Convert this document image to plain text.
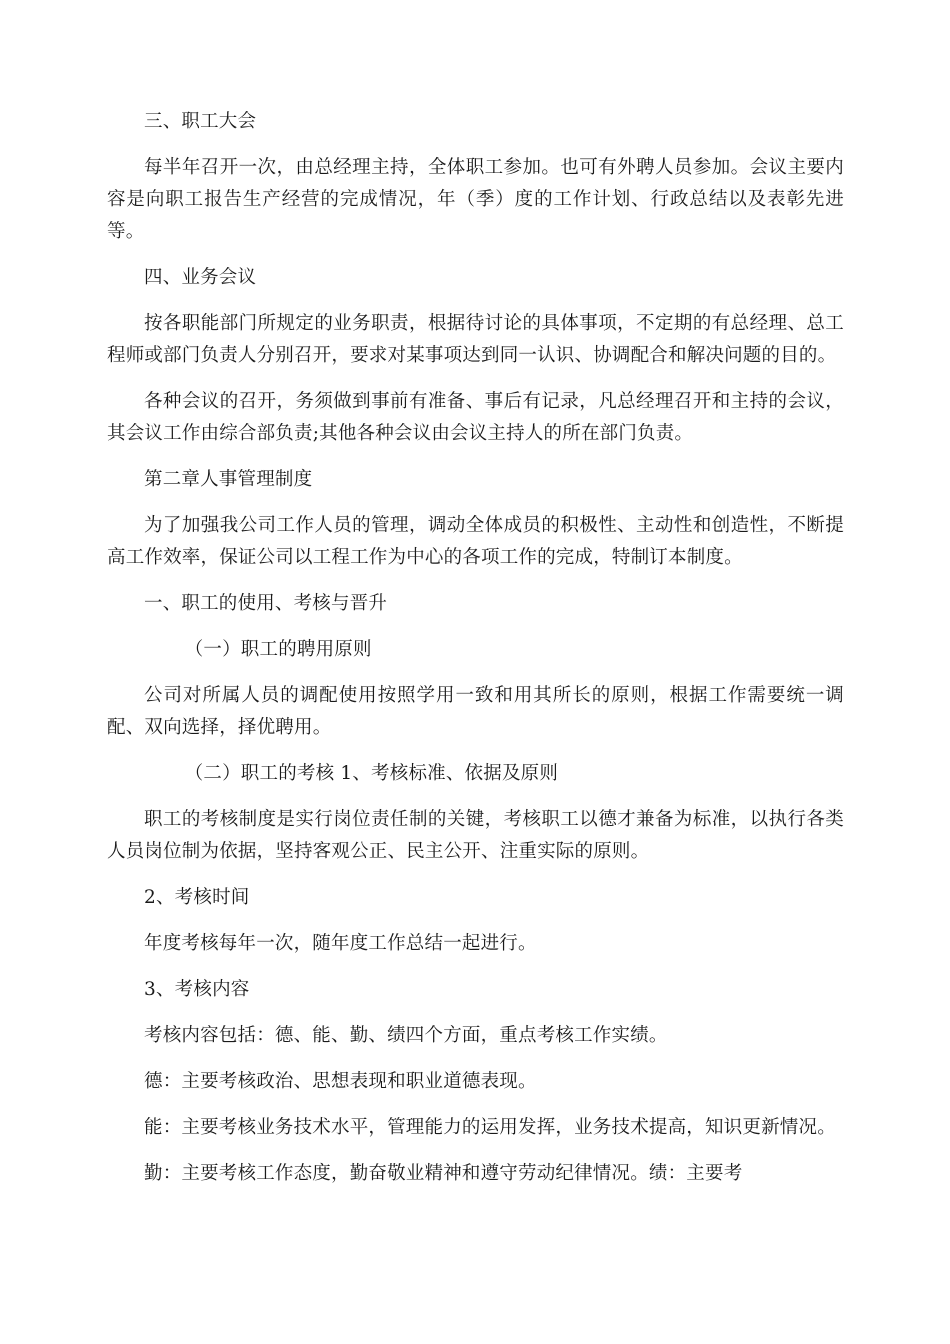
三、职工大会

每半年召开一次，由总经理主持，全体职工参加。也可有外聘人员参加。会议主要内容是向职工报告生产经营的完成情况，年（季）度的工作计划、行政总结以及表彰先进等。

四、业务会议

按各职能部门所规定的业务职责，根据待讨论的具体事项，不定期的有总经理、总工程师或部门负责人分别召开，要求对某事项达到同一认识、协调配合和解决问题的目的。

各种会议的召开，务须做到事前有准备、事后有记录，凡总经理召开和主持的会议，其会议工作由综合部负责;其他各种会议由会议主持人的所在部门负责。

第二章人事管理制度

为了加强我公司工作人员的管理，调动全体成员的积极性、主动性和创造性，不断提高工作效率，保证公司以工程工作为中心的各项工作的完成，特制订本制度。

一、职工的使用、考核与晋升

（一）职工的聘用原则

公司对所属人员的调配使用按照学用一致和用其所长的原则，根据工作需要统一调配、双向选择，择优聘用。

（二）职工的考核 1、考核标准、依据及原则

职工的考核制度是实行岗位责任制的关键，考核职工以德才兼备为标准，以执行各类人员岗位制为依据，坚持客观公正、民主公开、注重实际的原则。

2、考核时间

年度考核每年一次，随年度工作总结一起进行。

3、考核内容

考核内容包括：德、能、勤、绩四个方面，重点考核工作实绩。

德：主要考核政治、思想表现和职业道德表现。

能：主要考核业务技术水平，管理能力的运用发挥，业务技术提高，知识更新情况。

勤：主要考核工作态度，勤奋敬业精神和遵守劳动纪律情况。绩：主要考
